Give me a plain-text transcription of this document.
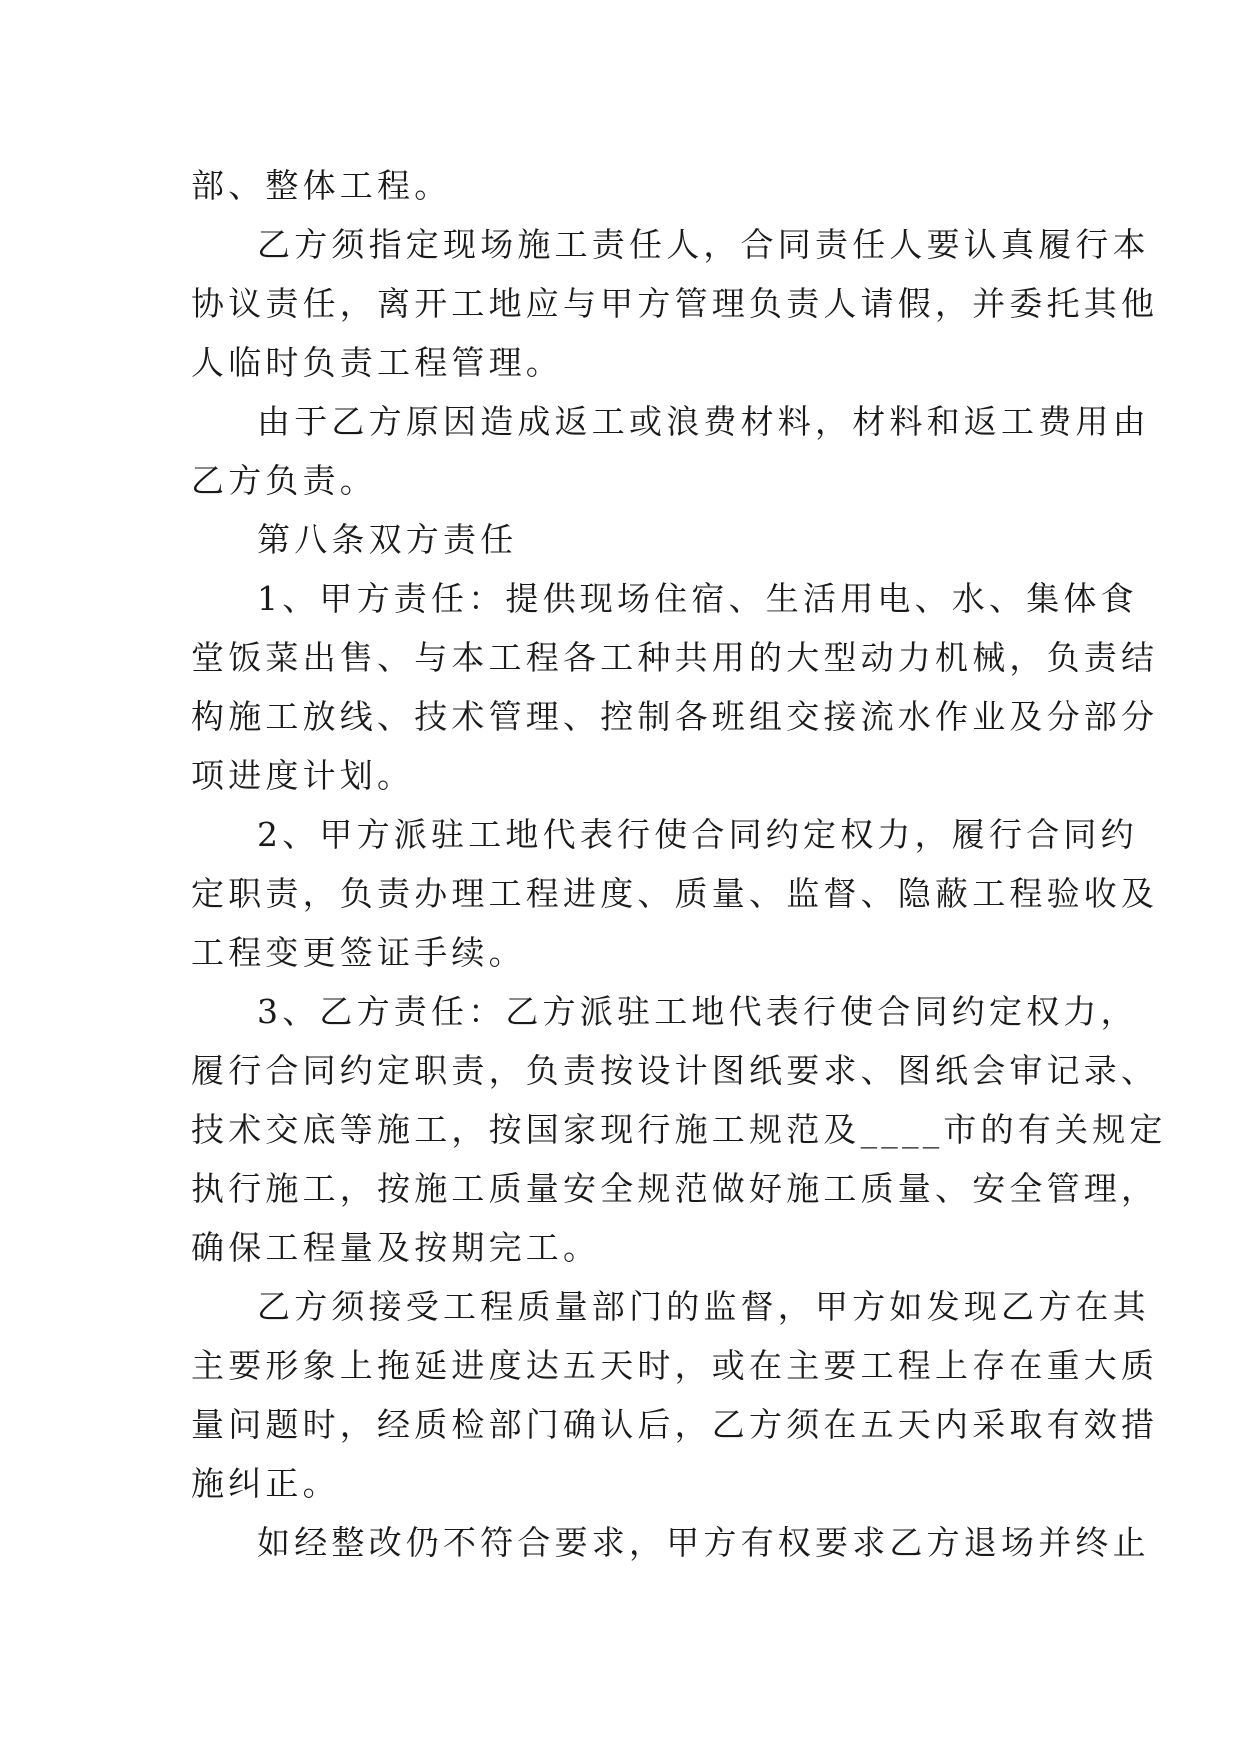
部、整体工程。
乙方须指定现场施工责任人，合同责任人要认真履行本
协议责任，离开工地应与甲方管理负责人请假，并委托其他
人临时负责工程管理。
由于乙方原因造成返工或浪费材料，材料和返工费用由
乙方负责。
第八条双方责任
1、甲方责任：提供现场住宿、生活用电、水、集体食
堂饭菜出售、与本工程各工种共用的大型动力机械，负责结
构施工放线、技术管理、控制各班组交接流水作业及分部分
项进度计划。
2、甲方派驻工地代表行使合同约定权力，履行合同约
定职责，负责办理工程进度、质量、监督、隐蔽工程验收及
工程变更签证手续。
3、乙方责任：乙方派驻工地代表行使合同约定权力，
履行合同约定职责，负责按设计图纸要求、图纸会审记录、
技术交底等施工，按国家现行施工规范及____市的有关规定
执行施工，按施工质量安全规范做好施工质量、安全管理，
确保工程量及按期完工。
乙方须接受工程质量部门的监督，甲方如发现乙方在其
主要形象上拖延进度达五天时，或在主要工程上存在重大质
量问题时，经质检部门确认后，乙方须在五天内采取有效措
施纠正。
如经整改仍不符合要求，甲方有权要求乙方退场并终止
